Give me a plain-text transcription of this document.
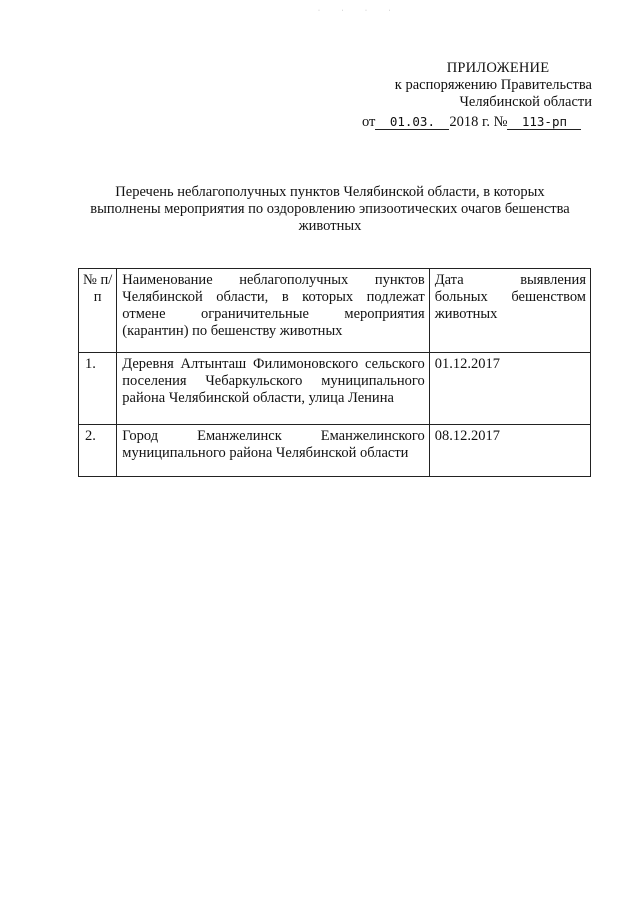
· · · ·
ПРИЛОЖЕНИЕ
к распоряжению Правительства
Челябинской области
от 01.03. 2018 г. № 113-рп
Перечень неблагополучных пунктов Челябинской области, в которых выполнены мероприятия по оздоровлению эпизоотических очагов бешенства животных
№ п/п	Наименование неблагополучных пунктов Челябинской области, в которых подлежат отмене ограничительные мероприятия (карантин) по бешенству животных	Дата выявления больных бешенством животных
1.	Деревня Алтынташ Филимоновского сельского поселения Чебаркульского муниципального района Челябинской области, улица Ленина	01.12.2017
2.	Город Еманжелинск Еманжелинского муниципального района Челябинской области	08.12.2017
